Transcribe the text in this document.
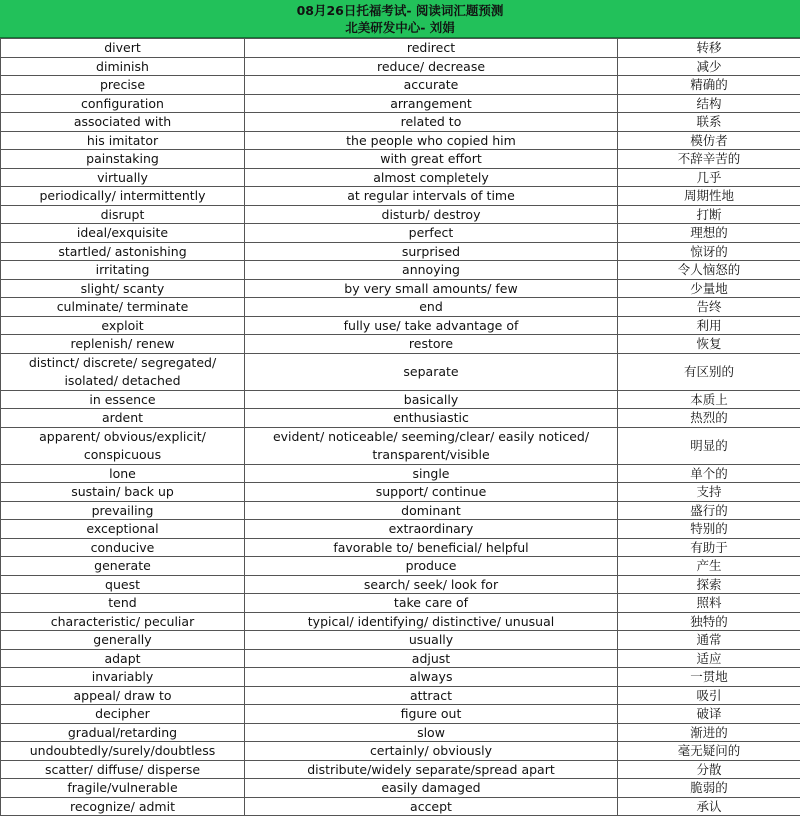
08月26日托福考试- 阅读词汇题预测
北美研发中心- 刘娟
divert	redirect	转移
diminish	reduce/ decrease	减少
precise	accurate	精确的
configuration	arrangement	结构
associated with	related to	联系
his imitator	the people who copied him	模仿者
painstaking	with great effort	不辞辛苦的
virtually	almost completely	几乎
periodically/ intermittently	at regular intervals of time	周期性地
disrupt	disturb/ destroy	打断
ideal/exquisite	perfect	理想的
startled/ astonishing	surprised	惊讶的
irritating	annoying	令人恼怒的
slight/ scanty	by very small amounts/ few	少量地
culminate/ terminate	end	告终
exploit	fully use/ take advantage of	利用
replenish/ renew	restore	恢复
distinct/ discrete/ segregated/ isolated/ detached	separate	有区别的
in essence	basically	本质上
ardent	enthusiastic	热烈的
apparent/ obvious/explicit/ conspicuous	evident/ noticeable/ seeming/clear/ easily noticed/ transparent/visible	明显的
lone	single	单个的
sustain/ back up	support/ continue	支持
prevailing	dominant	盛行的
exceptional	extraordinary	特别的
conducive	favorable to/ beneficial/ helpful	有助于
generate	produce	产生
quest	search/ seek/ look for	探索
tend	take care of	照料
characteristic/ peculiar	typical/ identifying/ distinctive/ unusual	独特的
generally	usually	通常
adapt	adjust	适应
invariably	always	一贯地
appeal/ draw to	attract	吸引
decipher	figure out	破译
gradual/retarding	slow	渐进的
undoubtedly/surely/doubtless	certainly/ obviously	毫无疑问的
scatter/ diffuse/ disperse	distribute/widely separate/spread apart	分散
fragile/vulnerable	easily damaged	脆弱的
recognize/ admit	accept	承认
